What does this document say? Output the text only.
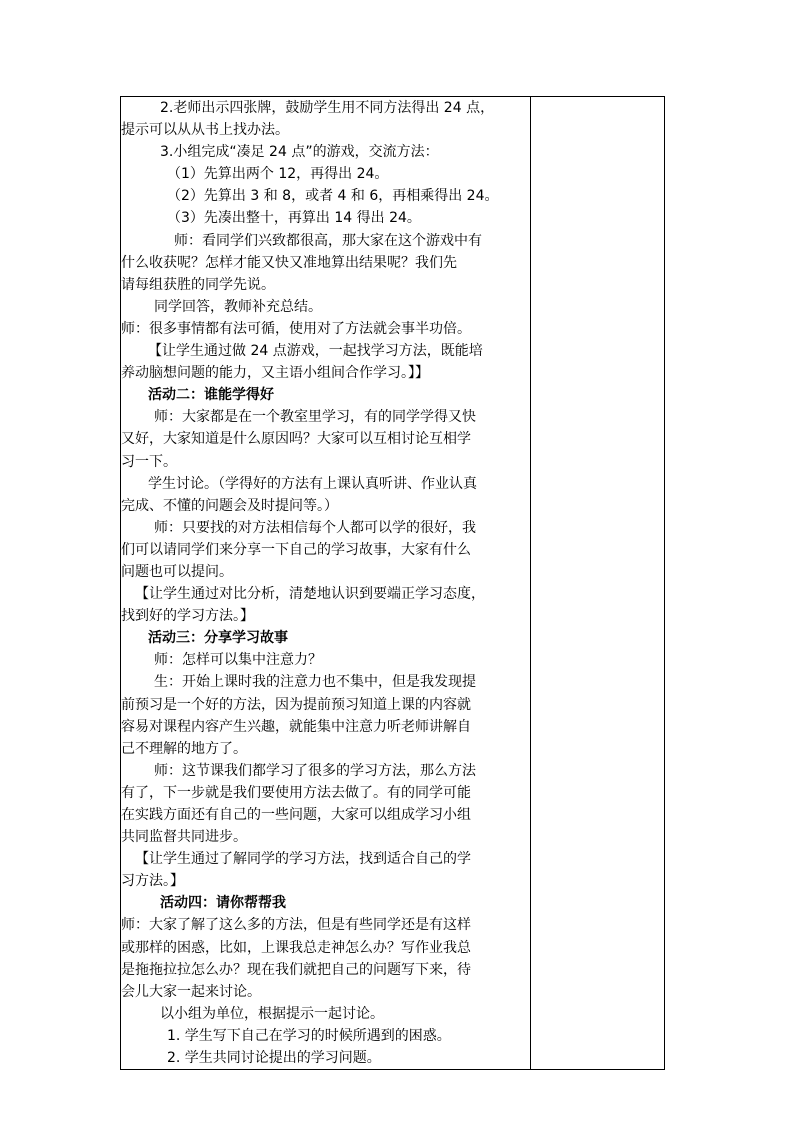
2.老师出示四张牌，鼓励学生用不同方法得出 24 点，
提示可以从从书上找办法。
3.小组完成“凑足 24 点”的游戏，交流方法：
（1）先算出两个 12，再得出 24。
（2）先算出 3 和 8，或者 4 和 6，再相乘得出 24。
（3）先凑出整十，再算出 14 得出 24。
师：看同学们兴致都很高，那大家在这个游戏中有
什么收获呢？怎样才能又快又准地算出结果呢？我们先
请每组获胜的同学先说。
同学回答，教师补充总结。
师：很多事情都有法可循，使用对了方法就会事半功倍。
【让学生通过做 24 点游戏，一起找学习方法，既能培
养动脑想问题的能力，又主语小组间合作学习。】】
活动二：谁能学得好
师：大家都是在一个教室里学习，有的同学学得又快
又好，大家知道是什么原因吗？大家可以互相讨论互相学
习一下。
学生讨论。（学得好的方法有上课认真听讲、作业认真
完成、不懂的问题会及时提问等。）
师：只要找的对方法相信每个人都可以学的很好，我
们可以请同学们来分享一下自己的学习故事，大家有什么
问题也可以提问。
【让学生通过对比分析，清楚地认识到要端正学习态度，
找到好的学习方法。】
活动三：分享学习故事
师：怎样可以集中注意力？
生：开始上课时我的注意力也不集中，但是我发现提
前预习是一个好的方法，因为提前预习知道上课的内容就
容易对课程内容产生兴趣，就能集中注意力听老师讲解自
己不理解的地方了。
师：这节课我们都学习了很多的学习方法，那么方法
有了，下一步就是我们要使用方法去做了。有的同学可能
在实践方面还有自己的一些问题，大家可以组成学习小组
共同监督共同进步。
【让学生通过了解同学的学习方法，找到适合自己的学
习方法。】
活动四：请你帮帮我
师：大家了解了这么多的方法，但是有些同学还是有这样
或那样的困惑，比如，上课我总走神怎么办？写作业我总
是拖拖拉拉怎么办？现在我们就把自己的问题写下来，待
会儿大家一起来讨论。
以小组为单位，根据提示一起讨论。
1. 学生写下自己在学习的时候所遇到的困惑。
2. 学生共同讨论提出的学习问题。
